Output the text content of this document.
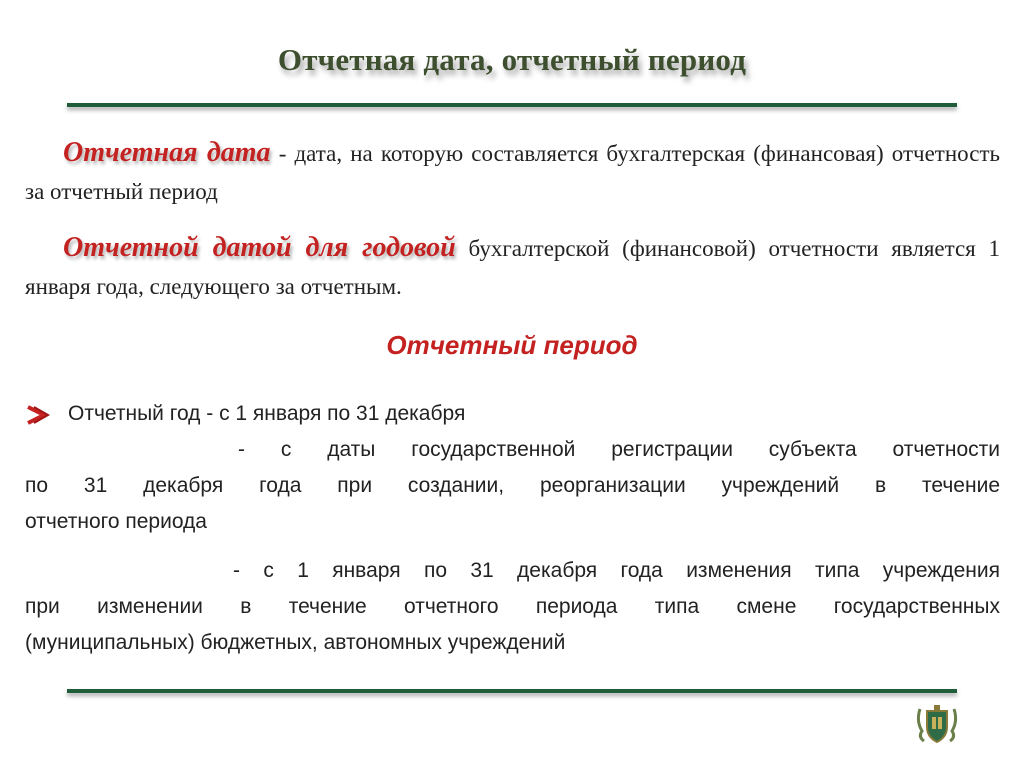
Отчетная дата, отчетный период
Отчетная дата - дата, на которую составляется бухгалтерская (финансовая) отчетность за отчетный период
Отчетной датой для годовой бухгалтерской (финансовой) отчетности является 1 января года, следующего за отчетным.
Отчетный период
Отчетный год - с 1 января по 31 декабря
- с даты государственной регистрации субъекта отчетности
по 31 декабря года при создании, реорганизации учреждений в течение
отчетного периода
- с 1 января по 31 декабря года изменения типа учреждения
при изменении в течение отчетного периода типа смене государственных
(муниципальных) бюджетных, автономных учреждений
